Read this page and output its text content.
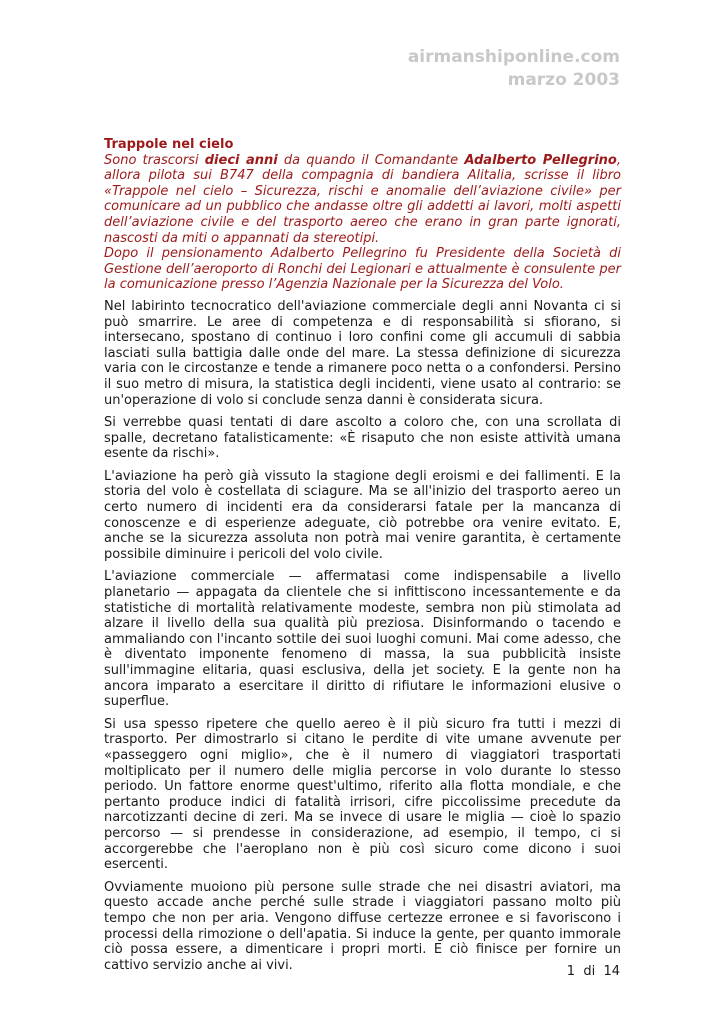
airmanshiponline.com
marzo 2003
Trappole nel cielo

Sono trascorsi dieci anni da quando il Comandante Adalberto Pellegrino, allora pilota sui B747 della compagnia di bandiera Alitalia, scrisse il libro «Trappole nel cielo – Sicurezza, rischi e anomalie dell’aviazione civile» per comunicare ad un pubblico che andasse oltre gli addetti ai lavori, molti aspetti dell’aviazione civile e del trasporto aereo che erano in gran parte ignorati, nascosti da miti o appannati da stereotipi.

Dopo il pensionamento Adalberto Pellegrino fu Presidente della Società di Gestione dell’aeroporto di Ronchi dei Legionari e attualmente è consulente per la comunicazione presso l’Agenzia Nazionale per la Sicurezza del Volo.

Nel labirinto tecnocratico dell'aviazione commerciale degli anni Novanta ci si può smarrire. Le aree di competenza e di responsabilità si sfiorano, si intersecano, spostano di continuo i loro confini come gli accumuli di sabbia lasciati sulla battigia dalle onde del mare. La stessa definizione di sicurezza varia con le circostanze e tende a rimanere poco netta o a confondersi. Persino il suo metro di misura, la statistica degli incidenti, viene usato al contrario: se un'operazione di volo si conclude senza danni è considerata sicura.

Si verrebbe quasi tentati di dare ascolto a coloro che, con una scrollata di spalle, decretano fatalisticamente: «È risaputo che non esiste attività umana esente da rischi».

L'aviazione ha però già vissuto la stagione degli eroismi e dei fallimenti. E la storia del volo è costellata di sciagure. Ma se all'inizio del trasporto aereo un certo numero di incidenti era da considerarsi fatale per la mancanza di conoscenze e di esperienze adeguate, ciò potrebbe ora venire evitato. E, anche se la sicurezza assoluta non potrà mai venire garantita, è certamente possibile diminuire i pericoli del volo civile.

L'aviazione commerciale — affermatasi come indispensabile a livello planetario — appagata da clientele che si infittiscono incessantemente e da statistiche di mortalità relativamente modeste, sembra non più stimolata ad alzare il livello della sua qualità più preziosa. Disinformando o tacendo e ammaliando con l'incanto sottile dei suoi luoghi comuni. Mai come adesso, che è diventato imponente fenomeno di massa, la sua pubblicità insiste sull'immagine elitaria, quasi esclusiva, della jet society. E la gente non ha ancora imparato a esercitare il diritto di rifiutare le informazioni elusive o superflue.

Si usa spesso ripetere che quello aereo è il più sicuro fra tutti i mezzi di trasporto. Per dimostrarlo si citano le perdite di vite umane avvenute per «passeggero ogni miglio», che è il numero di viaggiatori trasportati moltiplicato per il numero delle miglia percorse in volo durante lo stesso periodo. Un fattore enorme quest'ultimo, riferito alla flotta mondiale, e che pertanto produce indici di fatalità irrisori, cifre piccolissime precedute da narcotizzanti decine di zeri. Ma se invece di usare le miglia — cioè lo spazio percorso — si prendesse in considerazione, ad esempio, il tempo, ci si accorgerebbe che l'aeroplano non è più così sicuro come dicono i suoi esercenti.

Ovviamente muoiono più persone sulle strade che nei disastri aviatori, ma questo accade anche perché sulle strade i viaggiatori passano molto più tempo che non per aria. Vengono diffuse certezze erronee e si favoriscono i processi della rimozione o dell'apatia. Si induce la gente, per quanto immorale ciò possa essere, a dimenticare i propri morti. E ciò finisce per fornire un cattivo servizio anche ai vivi.	1  di  14
